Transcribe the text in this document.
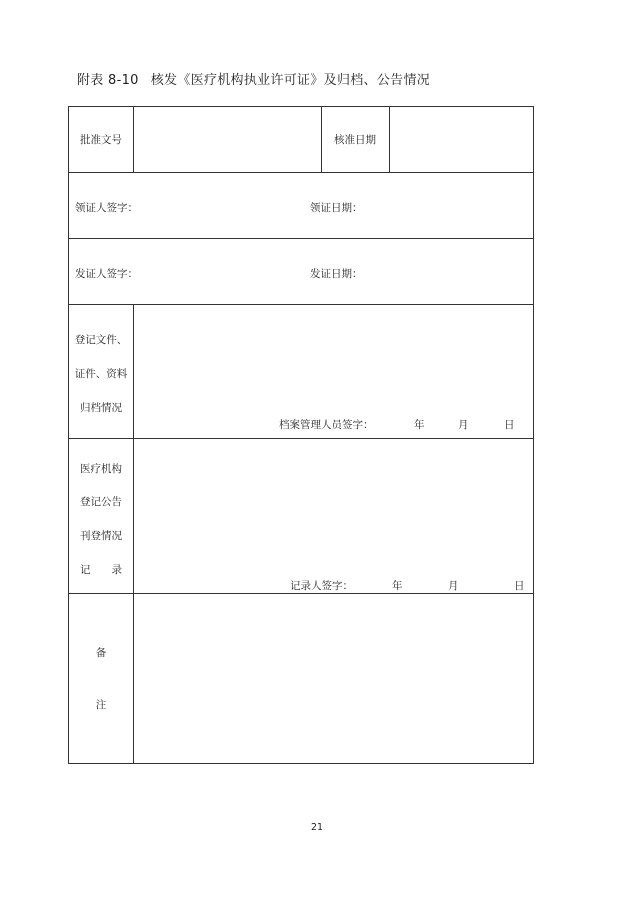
附表 8-10 核发《医疗机构执业许可证》及归档、公告情况
批准文号	核准日期
领证人签字：	领证日期：
发证人签字：	发证日期：
登记文件、
证件、资料
归档情况
档案管理人员签字：	年	月	日
医疗机构
登记公告
刊登情况
记　　录
记录人签字：	年	月	日
备
注
21
